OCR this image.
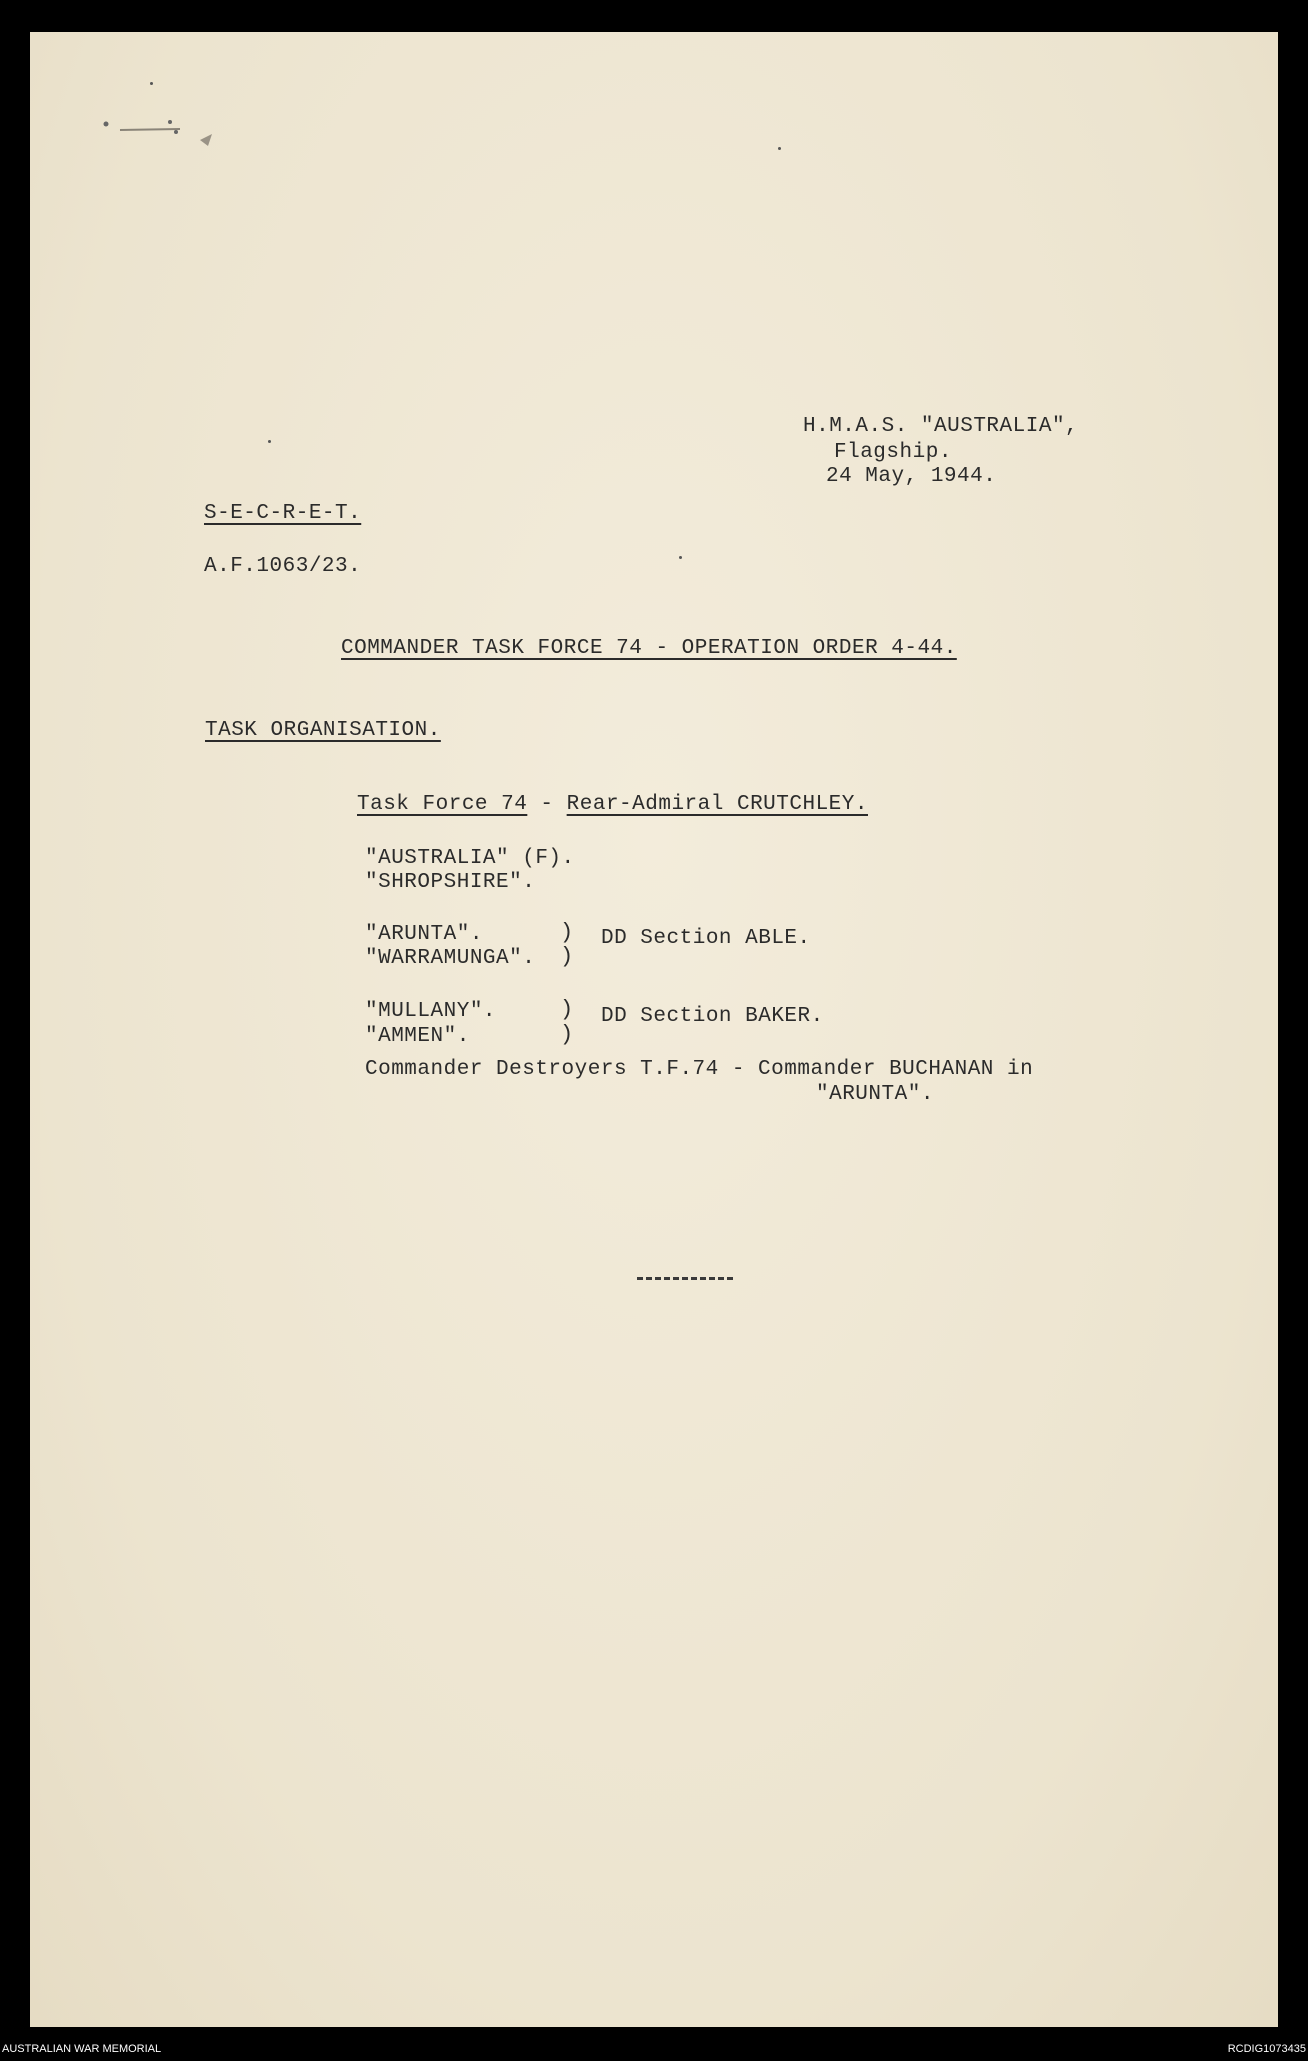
H.M.A.S. "AUSTRALIA",
Flagship.
24 May, 1944.
S-E-C-R-E-T.
A.F.1063/23.
COMMANDER TASK FORCE 74 - OPERATION ORDER 4-44.
TASK ORGANISATION.
Task Force 74 - Rear-Admiral CRUTCHLEY.
"AUSTRALIA" (F).
"SHROPSHIRE".
"ARUNTA".
"WARRAMUNGA".
)
)
DD Section ABLE.
"MULLANY".
"AMMEN".
)
)
DD Section BAKER.
Commander Destroyers T.F.74 - Commander BUCHANAN in
"ARUNTA".
AUSTRALIAN WAR MEMORIAL	RCDIG1073435
